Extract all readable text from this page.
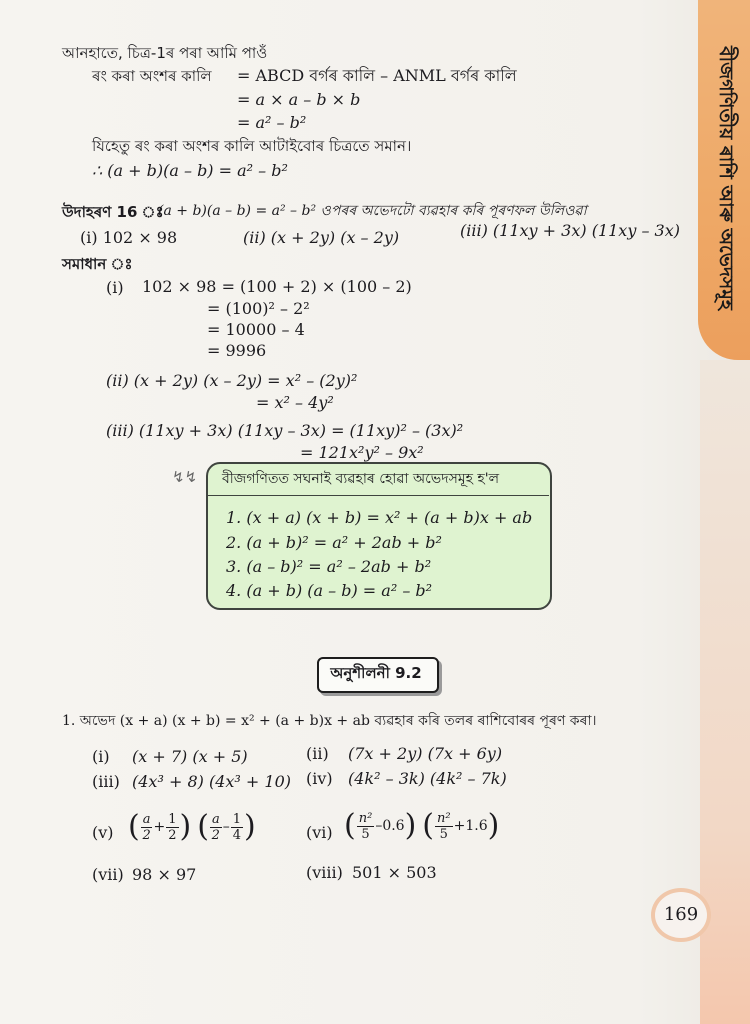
বীজগণিতীয় ৰাশি আৰু অভেদসমূহ
আনহাতে, চিত্ৰ-1ৰ পৰা আমি পাওঁ
ৰং কৰা অংশৰ কালি = ABCD বৰ্গৰ কালি – ANML বৰ্গৰ কালি
= a × a – b × b
= a² – b²
যিহেতু ৰং কৰা অংশৰ কালি আটাইবোৰ চিত্ৰতে সমান।
∴ (a + b)(a – b) = a² – b²
উদাহৰণ 16 ঃ
(a + b)(a – b) = a² – b² ওপৰৰ অভেদটো ব্যৱহাৰ কৰি পূৰণফল উলিওৱা
(i) 102 × 98	(ii) (x + 2y) (x – 2y)	(iii) (11xy + 3x) (11xy – 3x)
সমাধান ঃ
(i) 102 × 98 = (100 + 2) × (100 – 2)
= (100)² – 2²
= 10000 – 4
= 9996
(ii) (x + 2y) (x – 2y) = x² – (2y)²
= x² – 4y²
(iii) (11xy + 3x) (11xy – 3x) = (11xy)² – (3x)²
= 121x²y² – 9x²
↯↯ বীজগণিতত সঘনাই ব্যৱহাৰ হোৱা অভেদসমূহ হ'ল
1. (x + a) (x + b) = x² + (a + b)x + ab
2. (a + b)² = a² + 2ab + b²
3. (a – b)² = a² – 2ab + b²
4. (a + b) (a – b) = a² – b²
অনুশীলনী 9.2
1. অভেদ (x + a) (x + b) = x² + (a + b)x + ab ব্যৱহাৰ কৰি তলৰ ৰাশিবোৰৰ পূৰণ কৰা।
(i) (x + 7) (x + 5)	(ii) (7x + 2y) (7x + 6y)
(iii) (4x³ + 8) (4x³ + 10) (iv) (4k² – 3k) (4k² – 7k)
(v) ( $\frac{a}{2} + \frac{1}{2}$ ) ( $\frac{a}{2} - \frac{1}{4}$ )	(vi) ( $\frac{\text{n²}}{5} -0.6$ ) ( $\frac{\text{n²}}{5} +1.6$ )
(vii) 98 × 97	(viii) 501 × 503
169
